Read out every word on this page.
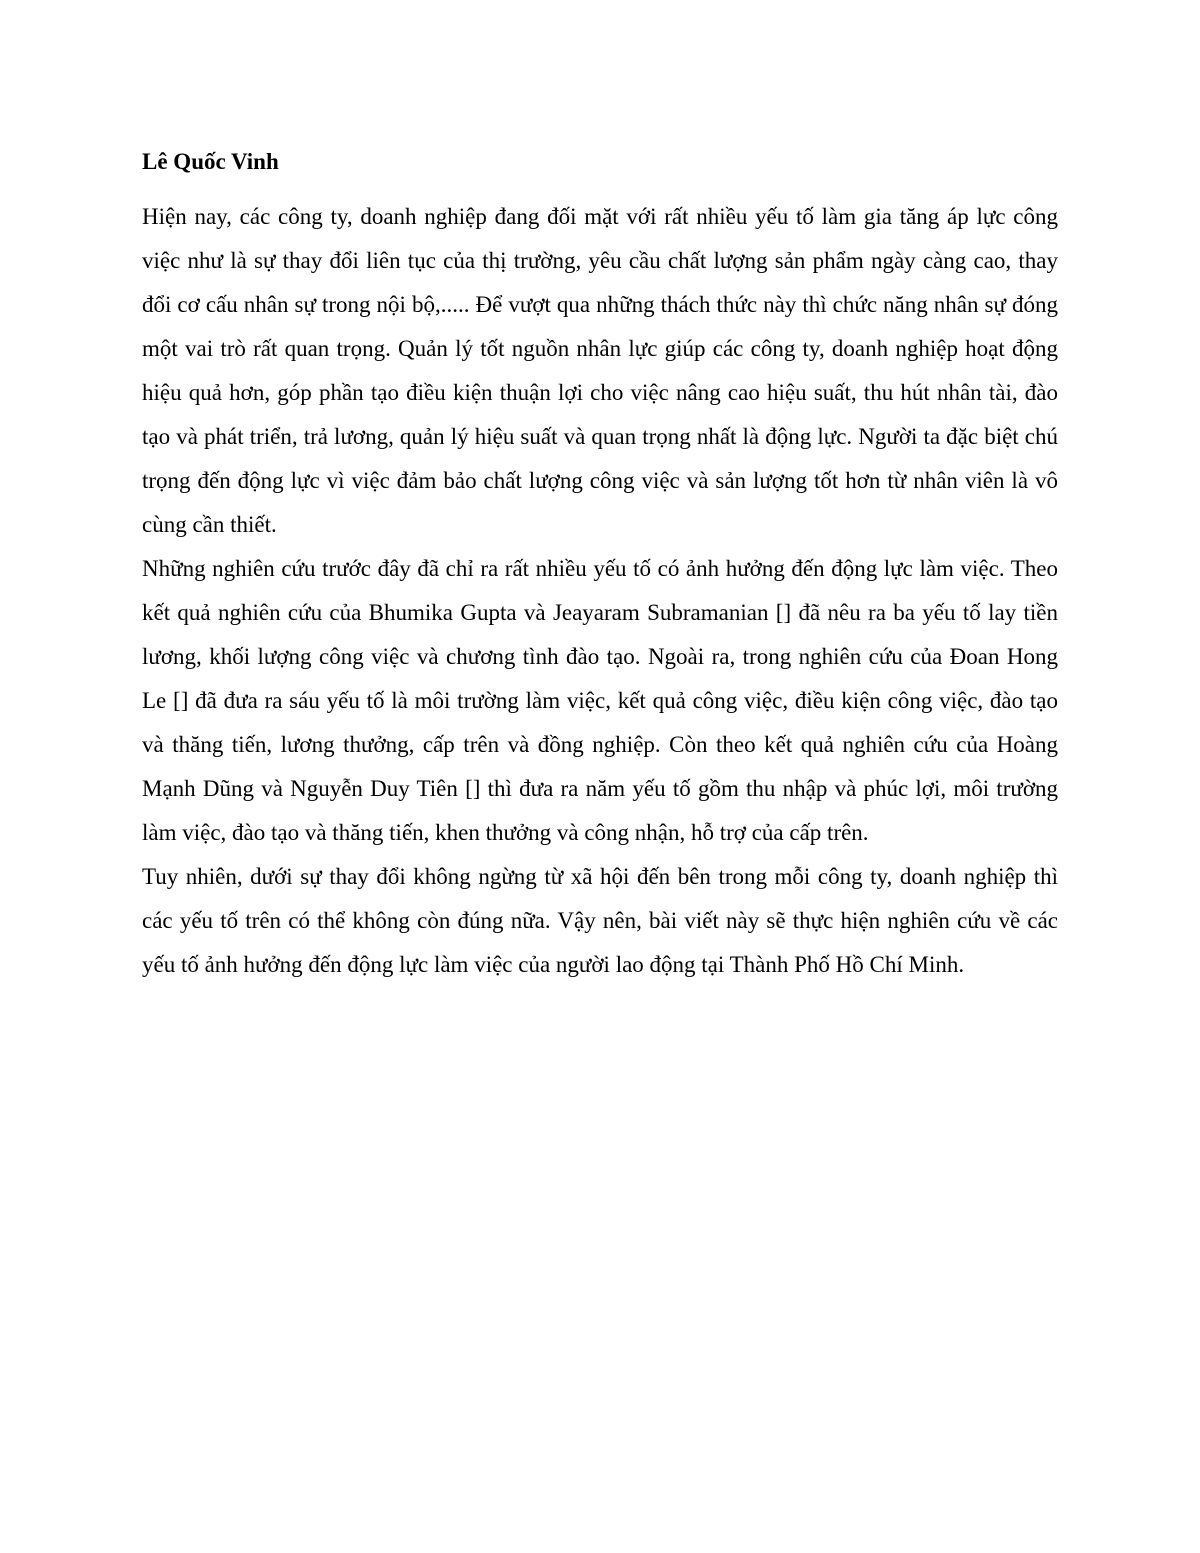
Lê Quốc Vinh

Hiện nay, các công ty, doanh nghiệp đang đối mặt với rất nhiều yếu tố làm gia tăng áp lực công việc như là sự thay đổi liên tục của thị trường, yêu cầu chất lượng sản phẩm ngày càng cao, thay đổi cơ cấu nhân sự trong nội bộ,..... Để vượt qua những thách thức này thì chức năng nhân sự đóng một vai trò rất quan trọng. Quản lý tốt nguồn nhân lực giúp các công ty, doanh nghiệp hoạt động hiệu quả hơn, góp phần tạo điều kiện thuận lợi cho việc nâng cao hiệu suất, thu hút nhân tài, đào tạo và phát triển, trả lương, quản lý hiệu suất và quan trọng nhất là động lực. Người ta đặc biệt chú trọng đến động lực vì việc đảm bảo chất lượng công việc và sản lượng tốt hơn từ nhân viên là vô cùng cần thiết.

Những nghiên cứu trước đây đã chỉ ra rất nhiều yếu tố có ảnh hưởng đến động lực làm việc. Theo kết quả nghiên cứu của Bhumika Gupta và Jeayaram Subramanian [] đã nêu ra ba yếu tố lay tiền lương, khối lượng công việc và chương tình đào tạo. Ngoài ra, trong nghiên cứu của Đoan Hong Le [] đã đưa ra sáu yếu tố là môi trường làm việc, kết quả công việc, điều kiện công việc, đào tạo và thăng tiến, lương thưởng, cấp trên và đồng nghiệp. Còn theo kết quả nghiên cứu của Hoàng Mạnh Dũng và Nguyễn Duy Tiên [] thì đưa ra năm yếu tố gồm thu nhập và phúc lợi, môi trường làm việc, đào tạo và thăng tiến, khen thưởng và công nhận, hỗ trợ của cấp trên.

Tuy nhiên, dưới sự thay đổi không ngừng từ xã hội đến bên trong mỗi công ty, doanh nghiệp thì các yếu tố trên có thể không còn đúng nữa. Vậy nên, bài viết này sẽ thực hiện nghiên cứu về các yếu tố ảnh hưởng đến động lực làm việc của người lao động tại Thành Phố Hồ Chí Minh.
